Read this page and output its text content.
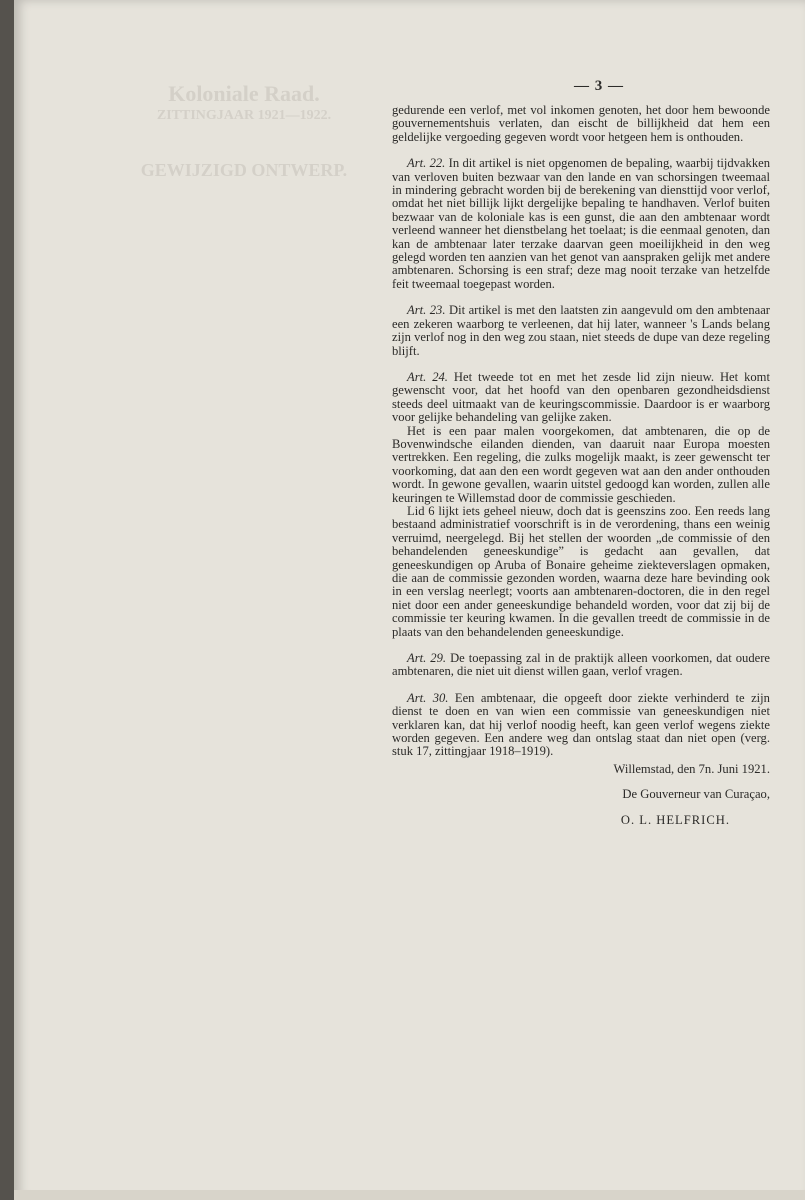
Koloniale Raad.
ZITTINGJAAR 1921—1922.
GEWIJZIGD ONTWERP.
— 3 —

gedurende een verlof, met vol inkomen genoten, het door hem bewoonde gouvernementshuis verlaten, dan eischt de billijkheid dat hem een geldelijke vergoeding gegeven wordt voor hetgeen hem is onthouden.

Art. 22. In dit artikel is niet opgenomen de bepaling, waarbij tijdvakken van verloven buiten bezwaar van den lande en van schorsingen tweemaal in mindering gebracht worden bij de berekening van diensttijd voor verlof, omdat het niet billijk lijkt dergelijke bepaling te handhaven. Verlof buiten bezwaar van de koloniale kas is een gunst, die aan den ambtenaar wordt verleend wanneer het dienstbelang het toelaat; is die eenmaal genoten, dan kan de ambtenaar later terzake daarvan geen moeilijkheid in den weg gelegd worden ten aanzien van het genot van aanspraken gelijk met andere ambtenaren. Schorsing is een straf; deze mag nooit terzake van hetzelfde feit tweemaal toegepast worden.

Art. 23. Dit artikel is met den laatsten zin aangevuld om den ambtenaar een zekeren waarborg te verleenen, dat hij later, wanneer 's Lands belang zijn verlof nog in den weg zou staan, niet steeds de dupe van deze regeling blijft.

Art. 24. Het tweede tot en met het zesde lid zijn nieuw. Het komt gewenscht voor, dat het hoofd van den openbaren gezondheidsdienst steeds deel uitmaakt van de keuringscommissie. Daardoor is er waarborg voor gelijke behandeling van gelijke zaken.

Het is een paar malen voorgekomen, dat ambtenaren, die op de Bovenwindsche eilanden dienden, van daaruit naar Europa moesten vertrekken. Een regeling, die zulks mogelijk maakt, is zeer gewenscht ter voorkoming, dat aan den een wordt gegeven wat aan den ander onthouden wordt. In gewone gevallen, waarin uitstel gedoogd kan worden, zullen alle keuringen te Willemstad door de commissie geschieden.

Lid 6 lijkt iets geheel nieuw, doch dat is geenszins zoo. Een reeds lang bestaand administratief voorschrift is in de verordening, thans een weinig verruimd, neergelegd. Bij het stellen der woorden „de commissie of den behandelenden geneeskundige” is gedacht aan gevallen, dat geneeskundigen op Aruba of Bonaire geheime ziekteverslagen opmaken, die aan de commissie gezonden worden, waarna deze hare bevinding ook in een verslag neerlegt; voorts aan ambtenaren-doctoren, die in den regel niet door een ander geneeskundige behandeld worden, voor dat zij bij de commissie ter keuring kwamen. In die gevallen treedt de commissie in de plaats van den behandelenden geneeskundige.

Art. 29. De toepassing zal in de praktijk alleen voorkomen, dat oudere ambtenaren, die niet uit dienst willen gaan, verlof vragen.

Art. 30. Een ambtenaar, die opgeeft door ziekte verhinderd te zijn dienst te doen en van wien een commissie van geneeskundigen niet verklaren kan, dat hij verlof noodig heeft, kan geen verlof wegens ziekte worden gegeven. Een andere weg dan ontslag staat dan niet open (verg. stuk 17, zittingjaar 1918–1919).

Willemstad, den 7n. Juni 1921.
De Gouverneur van Curaçao,
O. L. HELFRICH.
